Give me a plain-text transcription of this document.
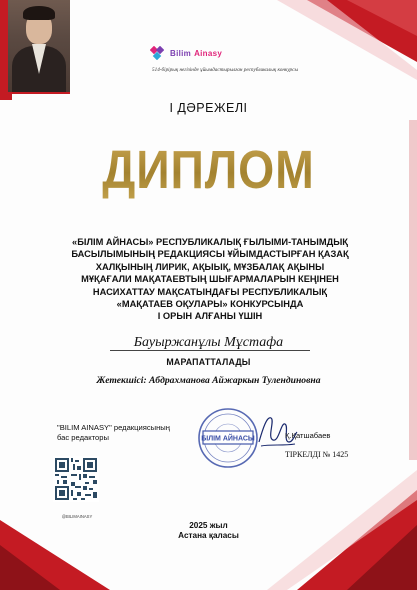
Bilim Ainasy
514-бірірық негізінде ұйымдастырылған республикалық конкурсы
І ДӘРЕЖЕЛІ
ДИПЛОМ
«БІЛІМ АЙНАСЫ» РЕСПУБЛИКАЛЫҚ ҒЫЛЫМИ-ТАНЫМДЫҚ
БАСЫЛЫМЫНЫҢ РЕДАКЦИЯСЫ ҰЙЫМДАСТЫРҒАН ҚАЗАҚ
ХАЛҚЫНЫҢ ЛИРИК, АҚЫЫҚ, МҰЗБАЛАҚ АҚЫНЫ
МҰҚАҒАЛИ МАҚАТАЕВТЫҢ ШЫҒАРМАЛАРЫН КЕҢІНЕН
НАСИХАТТАУ МАҚСАТЫНДАҒЫ РЕСПУБЛИКАЛЫҚ
«МАҚАТАЕВ ОҚУЛАРЫ» КОНКУРСЫНДА
І ОРЫН АЛҒАНЫ ҮШІН
Бауыржанұлы Мұстафа
МАРАПАТТАЛАДЫ
Жетекшісі: Абдрахманова Айжаркын Тулендиновна
"BILIM AINASY" редакциясының
бас редакторы	БІЛІМ АЙНАСЫ	Қ.Қатшабаев
ТІРКЕЛДІ № 1425
@BILIMAINASY
2025 жыл
Астана қаласы
